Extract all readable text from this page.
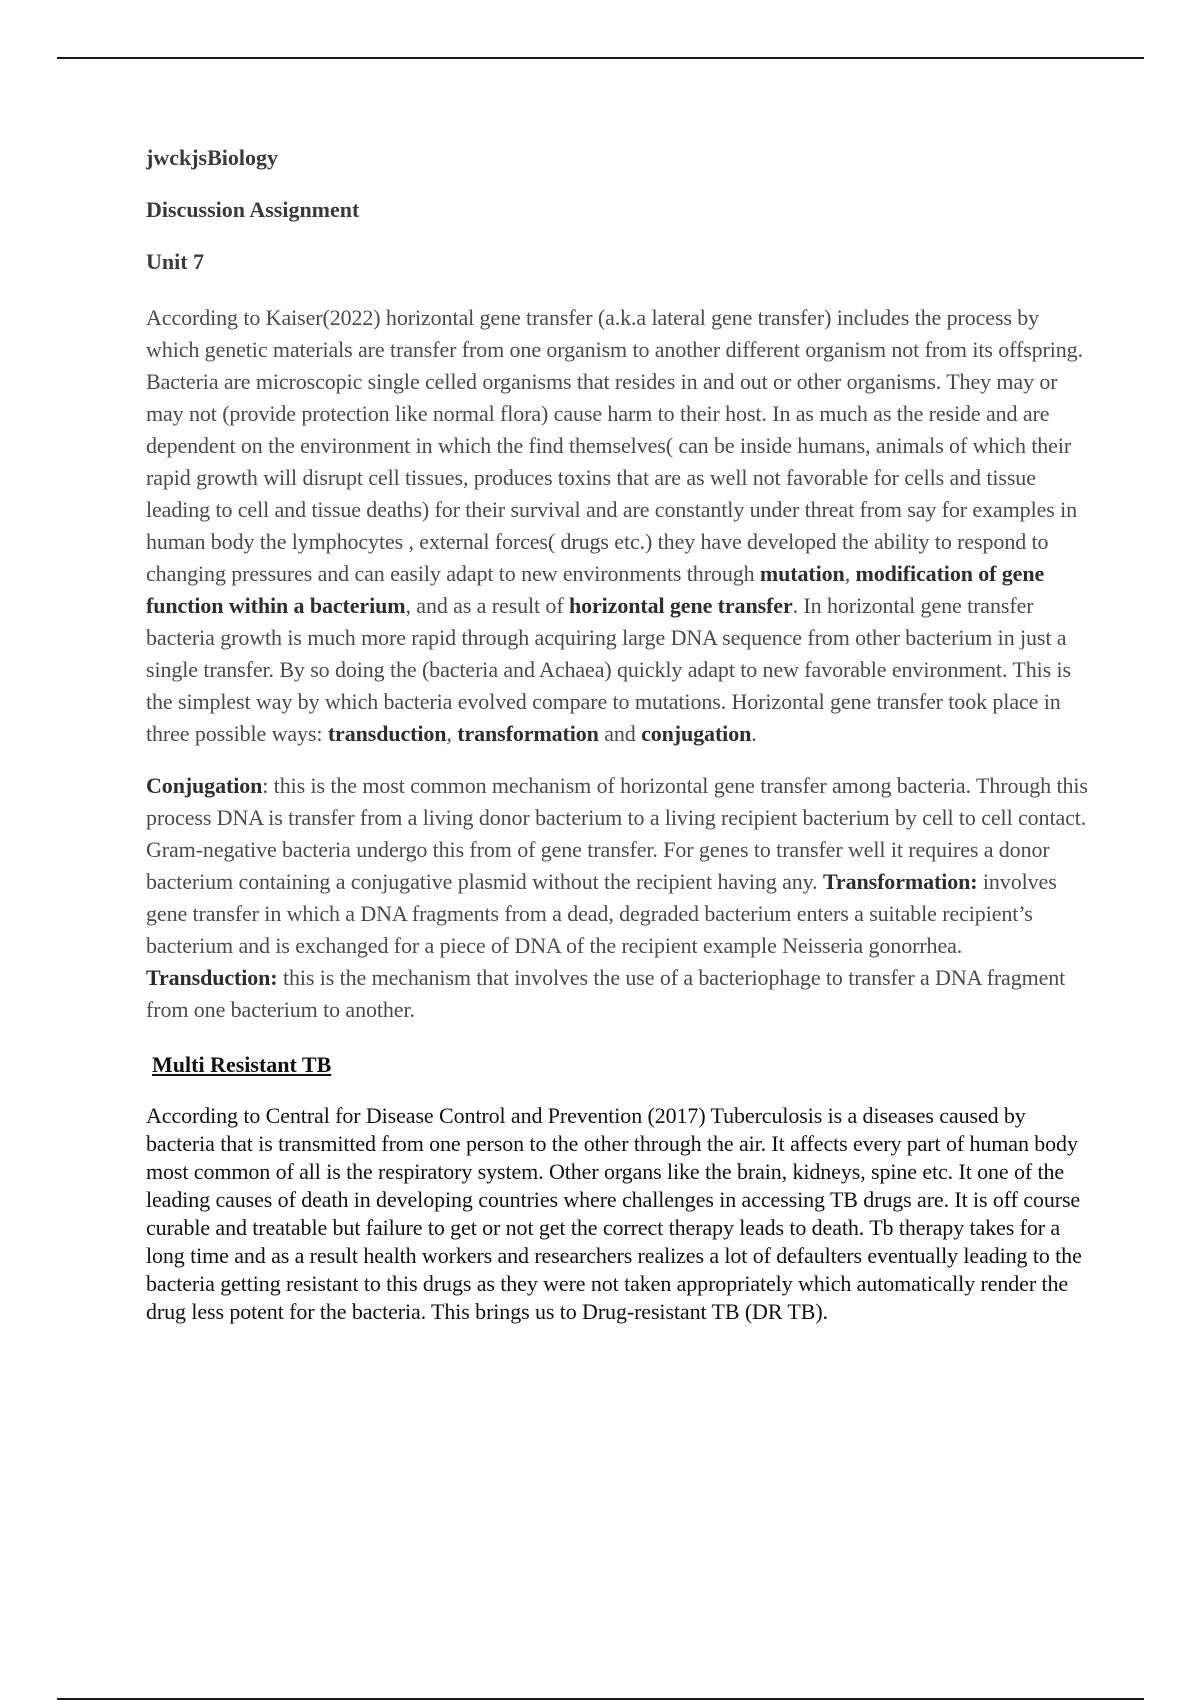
jwckjsBiology
Discussion Assignment
Unit 7

According to Kaiser(2022) horizontal gene transfer (a.k.a lateral gene transfer) includes the process by which genetic materials are transfer from one organism to another different organism not from its offspring. Bacteria are microscopic single celled organisms that resides in and out or other organisms. They may or may not (provide protection like normal flora) cause harm to their host. In as much as the reside and are dependent on the environment in which the find themselves( can be inside humans, animals of which their rapid growth will disrupt cell tissues, produces toxins that are as well not favorable for cells and tissue leading to cell and tissue deaths) for their survival and are constantly under threat from say for examples in human body the lymphocytes , external forces( drugs etc.) they have developed the ability to respond to changing pressures and can easily adapt to new environments through mutation, modification of gene function within a bacterium, and as a result of horizontal gene transfer. In horizontal gene transfer bacteria growth is much more rapid through acquiring large DNA sequence from other bacterium in just a single transfer. By so doing the (bacteria and Achaea) quickly adapt to new favorable environment. This is the simplest way by which bacteria evolved compare to mutations. Horizontal gene transfer took place in three possible ways: transduction, transformation and conjugation.

Conjugation: this is the most common mechanism of horizontal gene transfer among bacteria. Through this process DNA is transfer from a living donor bacterium to a living recipient bacterium by cell to cell contact. Gram-negative bacteria undergo this from of gene transfer. For genes to transfer well it requires a donor bacterium containing a conjugative plasmid without the recipient having any. Transformation: involves gene transfer in which a DNA fragments from a dead, degraded bacterium enters a suitable recipient’s bacterium and is exchanged for a piece of DNA of the recipient example Neisseria gonorrhea. Transduction: this is the mechanism that involves the use of a bacteriophage to transfer a DNA fragment from one bacterium to another.

Multi Resistant TB

According to Central for Disease Control and Prevention (2017) Tuberculosis is a diseases caused by bacteria that is transmitted from one person to the other through the air. It affects every part of human body most common of all is the respiratory system. Other organs like the brain, kidneys, spine etc. It one of the leading causes of death in developing countries where challenges in accessing TB drugs are. It is off course curable and treatable but failure to get or not get the correct therapy leads to death. Tb therapy takes for a long time and as a result health workers and researchers realizes a lot of defaulters eventually leading to the bacteria getting resistant to this drugs as they were not taken appropriately which automatically render the drug less potent for the bacteria. This brings us to Drug-resistant TB (DR TB).
